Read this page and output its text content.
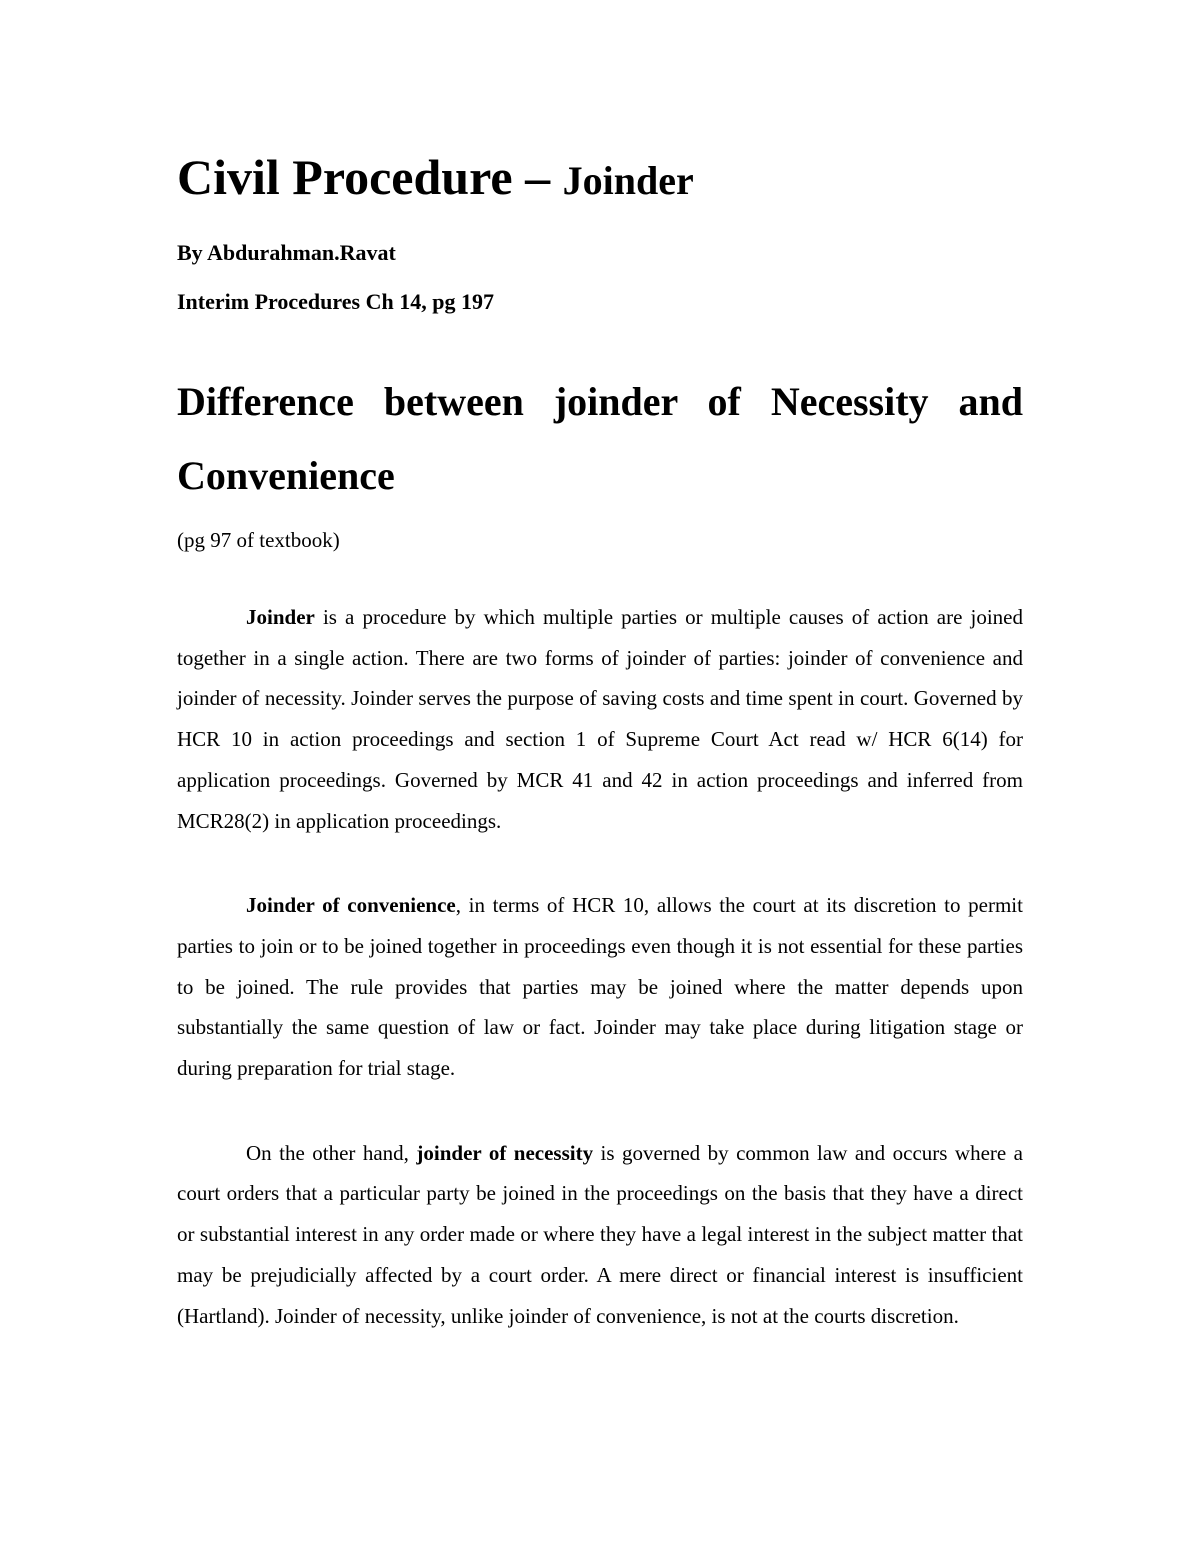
Civil Procedure – Joinder

By Abdurahman.Ravat

Interim Procedures Ch 14, pg 197

Difference between joinder of Necessity and Convenience

(pg 97 of textbook)

Joinder is a procedure by which multiple parties or multiple causes of action are joined together in a single action. There are two forms of joinder of parties: joinder of convenience and joinder of necessity. Joinder serves the purpose of saving costs and time spent in court. Governed by HCR 10 in action proceedings and section 1 of Supreme Court Act read w/ HCR 6(14) for application proceedings. Governed by MCR 41 and 42 in action proceedings and inferred from MCR28(2) in application proceedings.

Joinder of convenience, in terms of HCR 10, allows the court at its discretion to permit parties to join or to be joined together in proceedings even though it is not essential for these parties to be joined. The rule provides that parties may be joined where the matter depends upon substantially the same question of law or fact. Joinder may take place during litigation stage or during preparation for trial stage.

On the other hand, joinder of necessity is governed by common law and occurs where a court orders that a particular party be joined in the proceedings on the basis that they have a direct or substantial interest in any order made or where they have a legal interest in the subject matter that may be prejudicially affected by a court order. A mere direct or financial interest is insufficient (Hartland). Joinder of necessity, unlike joinder of convenience, is not at the courts discretion.
